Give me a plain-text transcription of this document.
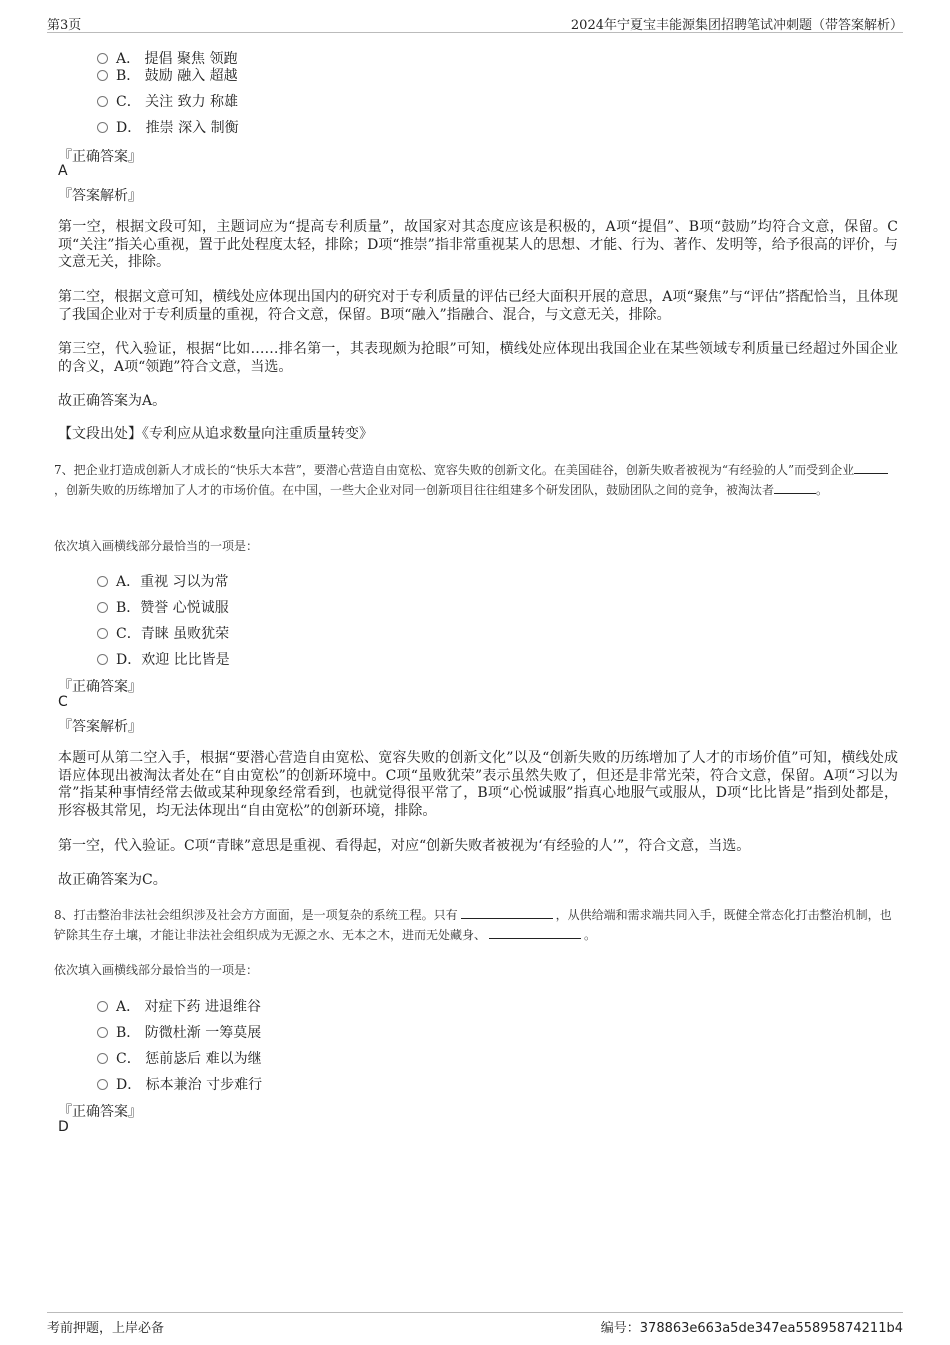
第3页	2024年宁夏宝丰能源集团招聘笔试冲刺题（带答案解析）
A． 提倡 聚焦 领跑
B． 鼓励 融入 超越
C． 关注 致力 称雄
D． 推崇 深入 制衡
『正确答案』
A
『答案解析』
第一空，根据文段可知，主题词应为“提高专利质量”，故国家对其态度应该是积极的，A项“提倡”、B项“鼓励”均符合文意，保留。C项“关注”指关心重视，置于此处程度太轻，排除；D项“推崇”指非常重视某人的思想、才能、行为、著作、发明等，给予很高的评价，与文意无关，排除。
第二空，根据文意可知，横线处应体现出国内的研究对于专利质量的评估已经大面积开展的意思，A项“聚焦”与“评估”搭配恰当，且体现了我国企业对于专利质量的重视，符合文意，保留。B项“融入”指融合、混合，与文意无关，排除。
第三空，代入验证，根据“比如……排名第一，其表现颇为抢眼”可知，横线处应体现出我国企业在某些领域专利质量已经超过外国企业的含义，A项“领跑”符合文意，当选。
故正确答案为A。
【文段出处】《专利应从追求数量向注重质量转变》
7、把企业打造成创新人才成长的“快乐大本营”，要潜心营造自由宽松、宽容失败的创新文化。在美国硅谷，创新失败者被视为“有经验的人”而受到企业，创新失败的历练增加了人才的市场价值。在中国，一些大企业对同一创新项目往往组建多个研发团队，鼓励团队之间的竞争，被淘汰者	。
依次填入画横线部分最恰当的一项是：
A．重视 习以为常
B．赞誉 心悦诚服
C．青睐 虽败犹荣
D．欢迎 比比皆是
『正确答案』
C
『答案解析』
本题可从第二空入手，根据“要潜心营造自由宽松、宽容失败的创新文化”以及“创新失败的历练增加了人才的市场价值”可知，横线处成语应体现出被淘汰者处在“自由宽松”的创新环境中。C项“虽败犹荣”表示虽然失败了，但还是非常光荣，符合文意，保留。A项“习以为常”指某种事情经常去做或某种现象经常看到，也就觉得很平常了，B项“心悦诚服”指真心地服气或服从，D项“比比皆是”指到处都是，形容极其常见，均无法体现出“自由宽松”的创新环境，排除。
第一空，代入验证。C项“青睐”意思是重视、看得起，对应“创新失败者被视为‘有经验的人’”，符合文意，当选。
故正确答案为C。
8、打击整治非法社会组织涉及社会方方面面，是一项复杂的系统工程。只有	，从供给端和需求端共同入手，既健全常态化打击整治机制，也铲除其生存土壤，才能让非法社会组织成为无源之水、无本之木，进而无处藏身、	。
依次填入画横线部分最恰当的一项是：
A． 对症下药 进退维谷
B． 防微杜渐 一筹莫展
C． 惩前毖后 难以为继
D． 标本兼治 寸步难行
『正确答案』
D
考前押题，上岸必备	编号：378863e663a5de347ea55895874211b4
